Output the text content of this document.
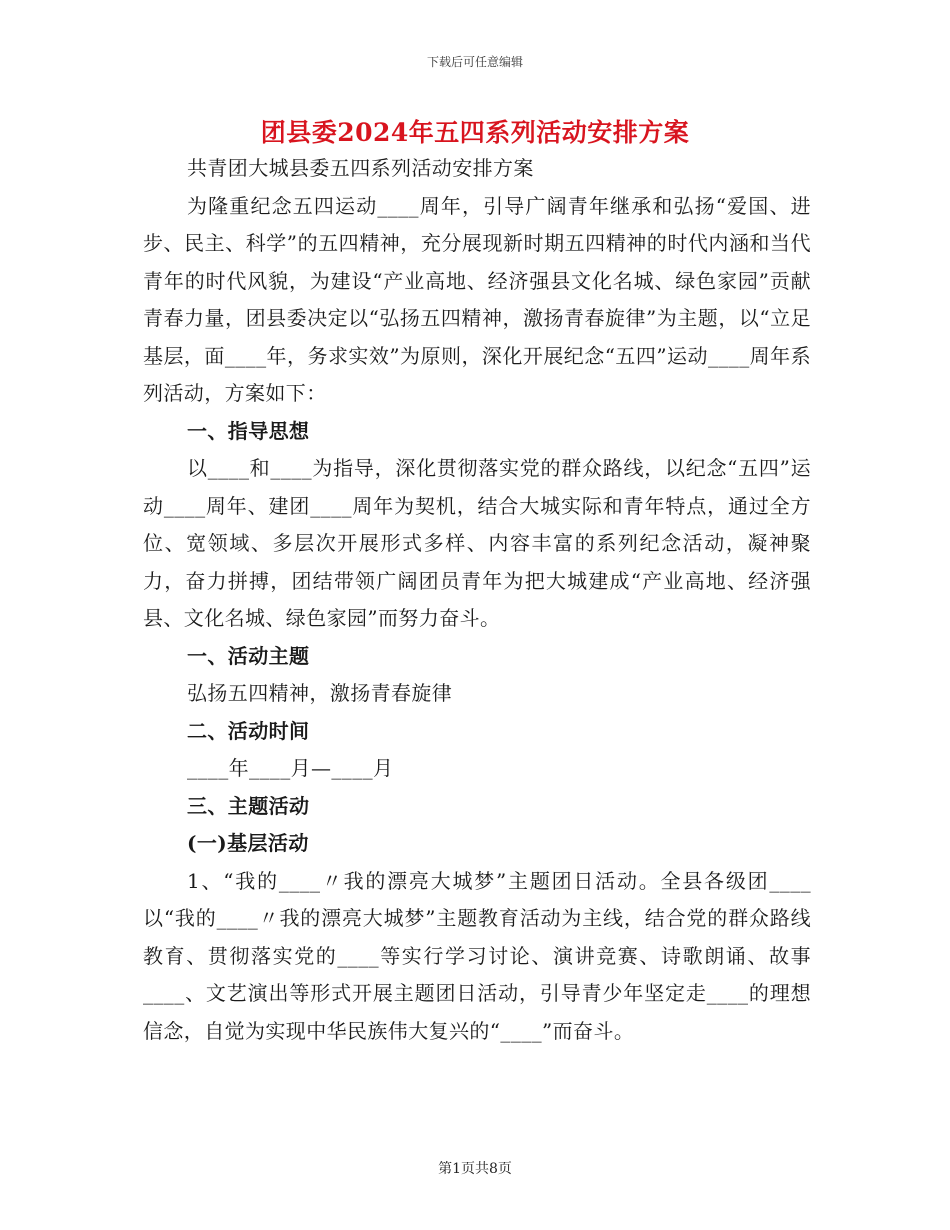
下载后可任意编辑
团县委2024年五四系列活动安排方案

共青团大城县委五四系列活动安排方案

为隆重纪念五四运动____周年，引导广阔青年继承和弘扬“爱国、进步、民主、科学”的五四精神，充分展现新时期五四精神的时代内涵和当代青年的时代风貌，为建设“产业高地、经济强县文化名城、绿色家园”贡献青春力量，团县委决定以“弘扬五四精神，激扬青春旋律”为主题，以“立足基层，面____年，务求实效”为原则，深化开展纪念“五四”运动____周年系列活动，方案如下：

一、指导思想

以____和____为指导，深化贯彻落实党的群众路线，以纪念“五四”运动____周年、建团____周年为契机，结合大城实际和青年特点，通过全方位、宽领域、多层次开展形式多样、内容丰富的系列纪念活动，凝神聚力，奋力拼搏，团结带领广阔团员青年为把大城建成“产业高地、经济强县、文化名城、绿色家园”而努力奋斗。

一、活动主题

弘扬五四精神，激扬青春旋律

二、活动时间

____年____月—____月

三、主题活动

(一)基层活动

1、“我的____〃我的漂亮大城梦”主题团日活动。全县各级团____以“我的____〃我的漂亮大城梦”主题教育活动为主线，结合党的群众路线教育、贯彻落实党的____等实行学习讨论、演讲竞赛、诗歌朗诵、故事____、文艺演出等形式开展主题团日活动，引导青少年坚定走____的理想信念，自觉为实现中华民族伟大复兴的“____”而奋斗。

第1页共8页
